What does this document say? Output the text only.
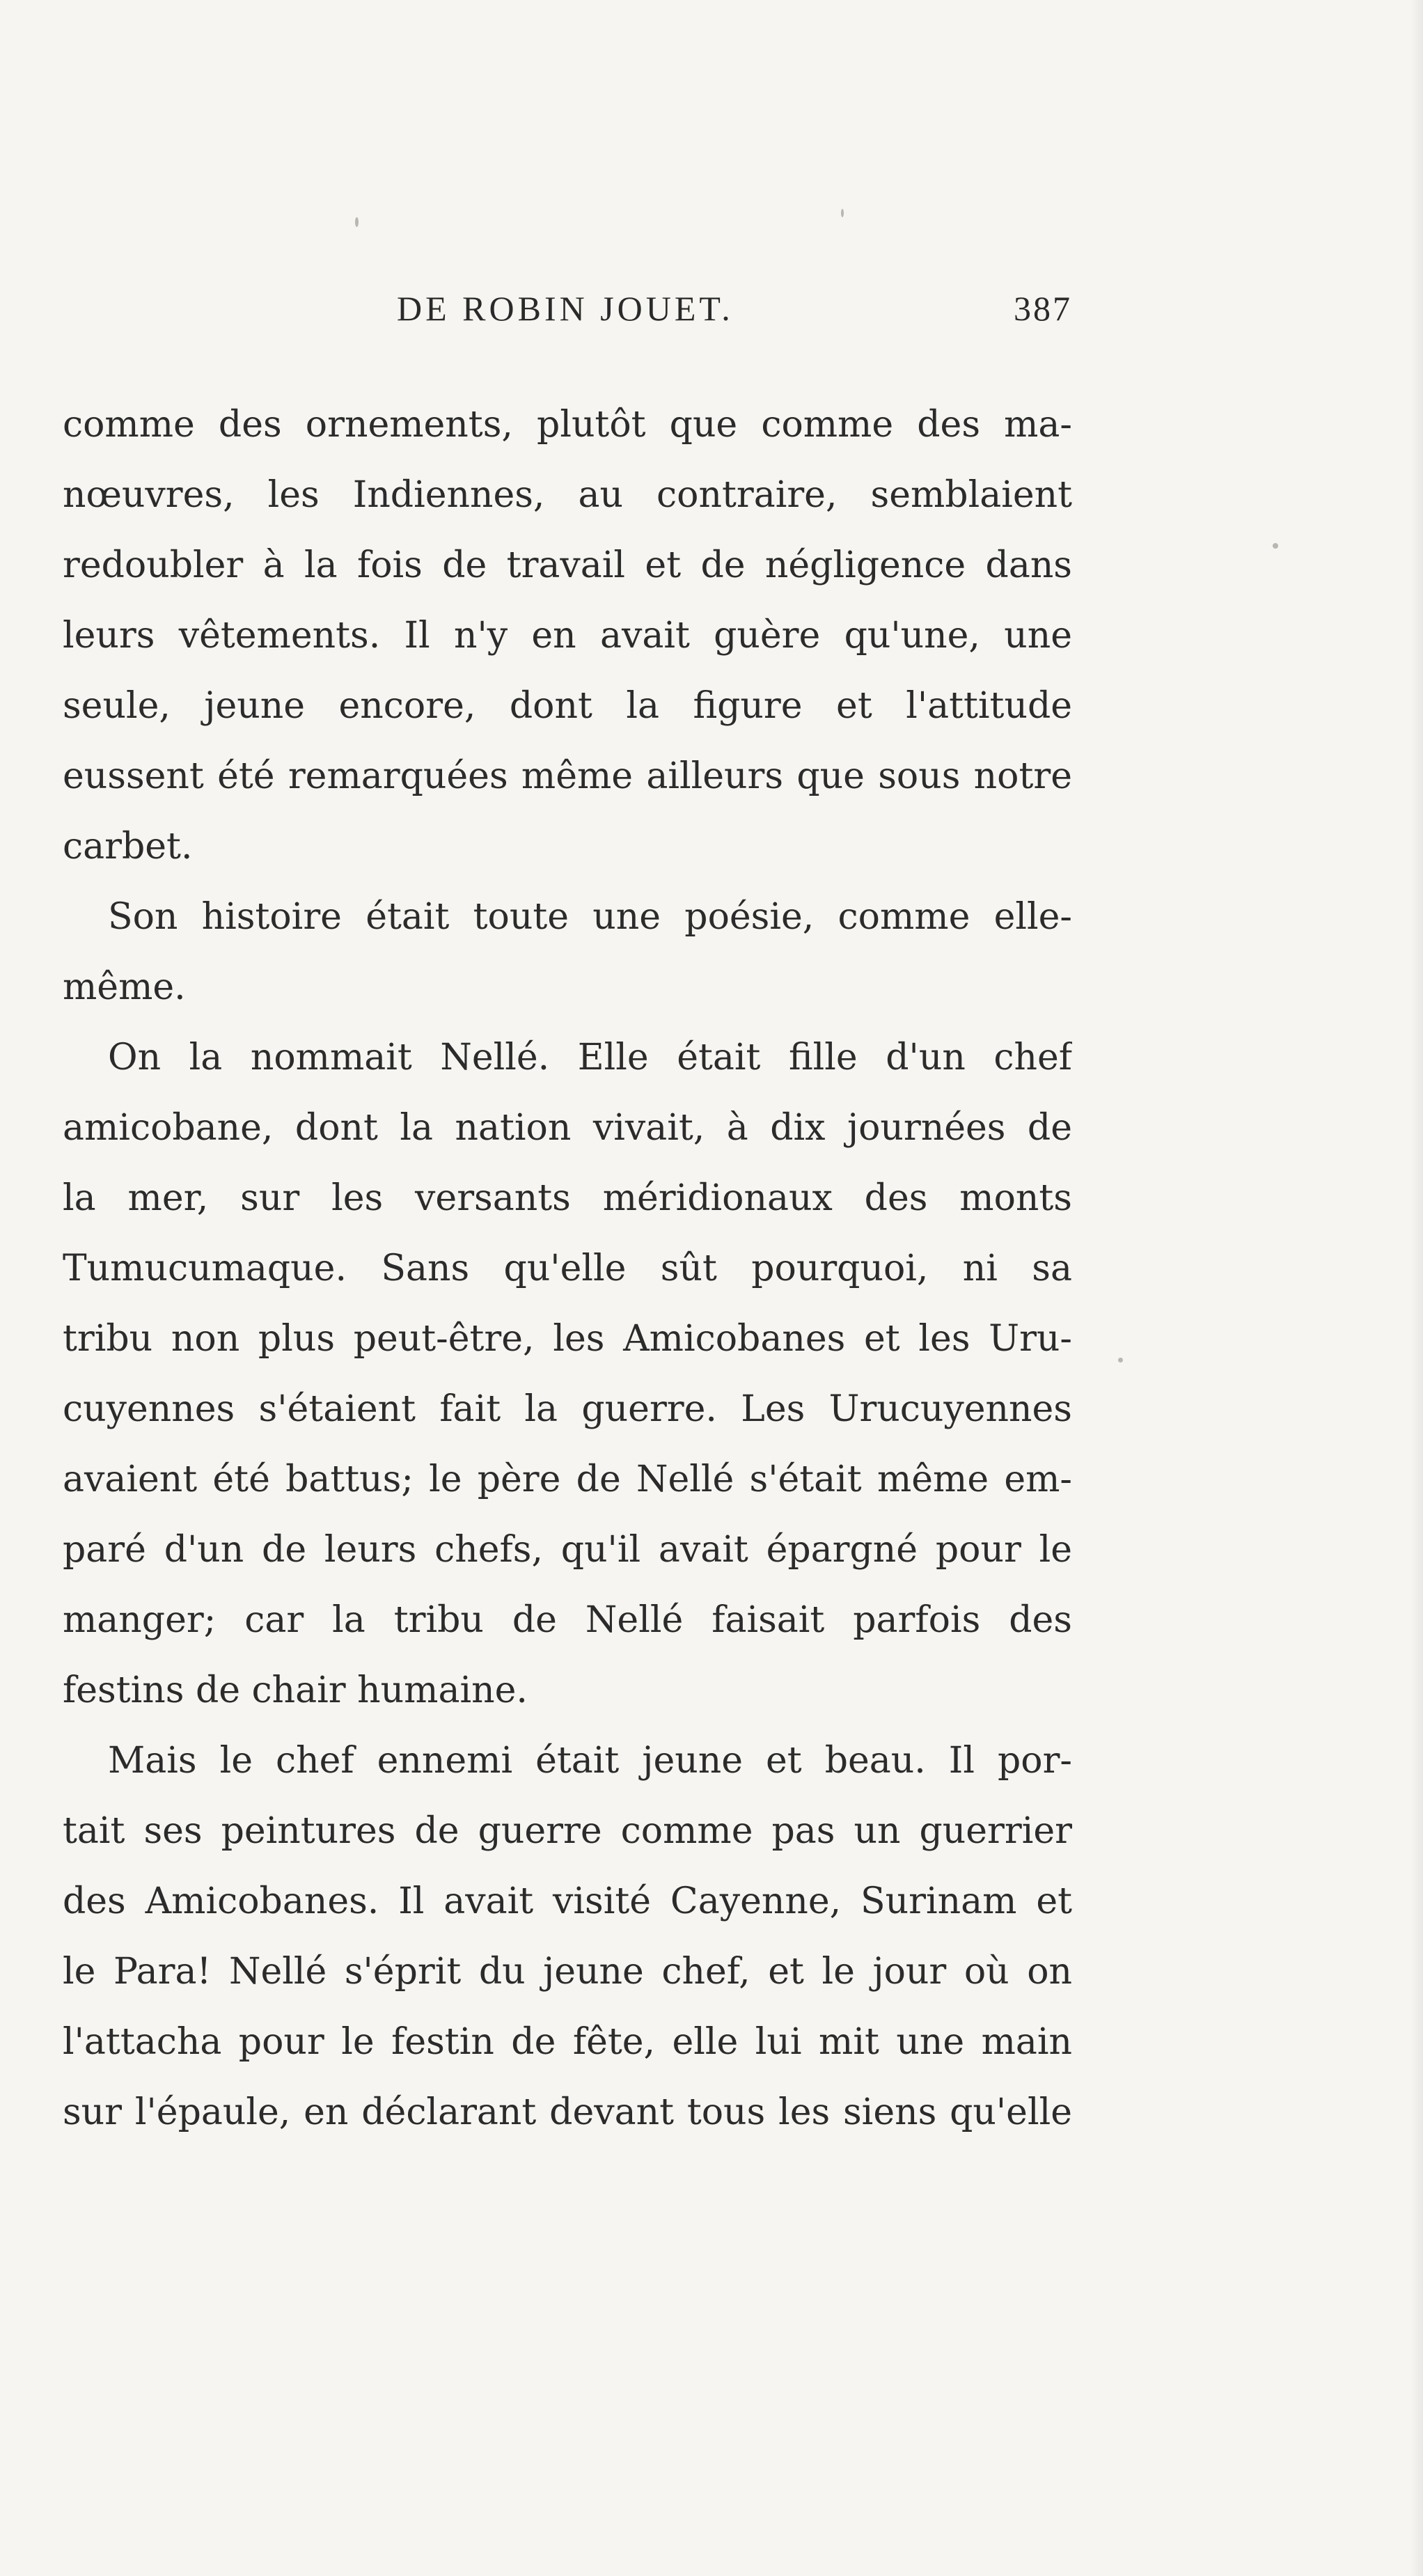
DE ROBIN JOUET.	387
comme des ornements, plutôt que comme des ma-
nœuvres, les Indiennes, au contraire, semblaient
redoubler à la fois de travail et de négligence dans
leurs vêtements. Il n'y en avait guère qu'une, une
seule, jeune encore, dont la figure et l'attitude
eussent été remarquées même ailleurs que sous notre
carbet.
Son histoire était toute une poésie, comme elle-
même.
On la nommait Nellé. Elle était fille d'un chef
amicobane, dont la nation vivait, à dix journées de
la mer, sur les versants méridionaux des monts
Tumucumaque. Sans qu'elle sût pourquoi, ni sa
tribu non plus peut-être, les Amicobanes et les Uru-
cuyennes s'étaient fait la guerre. Les Urucuyennes
avaient été battus; le père de Nellé s'était même em-
paré d'un de leurs chefs, qu'il avait épargné pour le
manger; car la tribu de Nellé faisait parfois des
festins de chair humaine.
Mais le chef ennemi était jeune et beau. Il por-
tait ses peintures de guerre comme pas un guerrier
des Amicobanes. Il avait visité Cayenne, Surinam et
le Para! Nellé s'éprit du jeune chef, et le jour où on
l'attacha pour le festin de fête, elle lui mit une main
sur l'épaule, en déclarant devant tous les siens qu'elle
